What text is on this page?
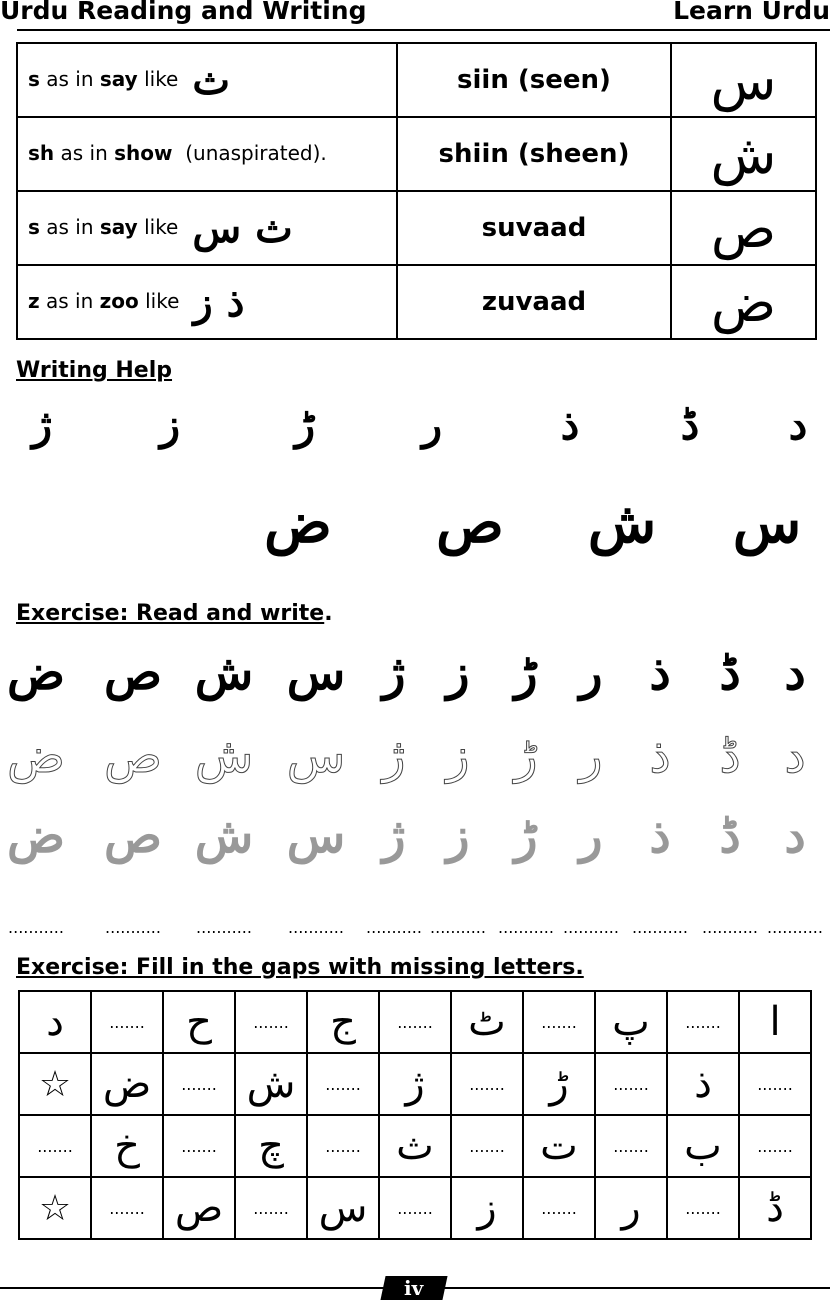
Urdu Reading and Writing	Learn Urdu
s as in say like ث	siin (seen)	س
sh as in show  (unaspirated).	shiin (sheen)	ش
s as in say like ث س	suvaad	ص
z as in zoo like ذ ز	zuvaad	ض
Writing Help
ژ	ز	ڑ	ر	ذ ڈ د
ض ص ش س
Exercise: Read and write.
ض ص ش س ژ ز ڑ ر ذ ڈ د
ض ص ش س ژ ز ڑ ر ذ ڈ د
ض ص ش س ژ ز ڑ ر ذ ڈ د
...........	........... ........... ........... ........... ........... ........... ........... ........... ........... ...........
Exercise: Fill in the gaps with missing letters.
د	.......	ح	.......	ج	.......	ٹ	.......	پ	.......	ا
☆	ض	.......	ش	.......	ژ	.......	ڑ	.......	ذ	.......
.......	خ	.......	چ	.......	ث	.......	ت	.......	ب	.......
☆	.......	ص	.......	س	.......	ز	.......	ر	.......	ڈ
iv
